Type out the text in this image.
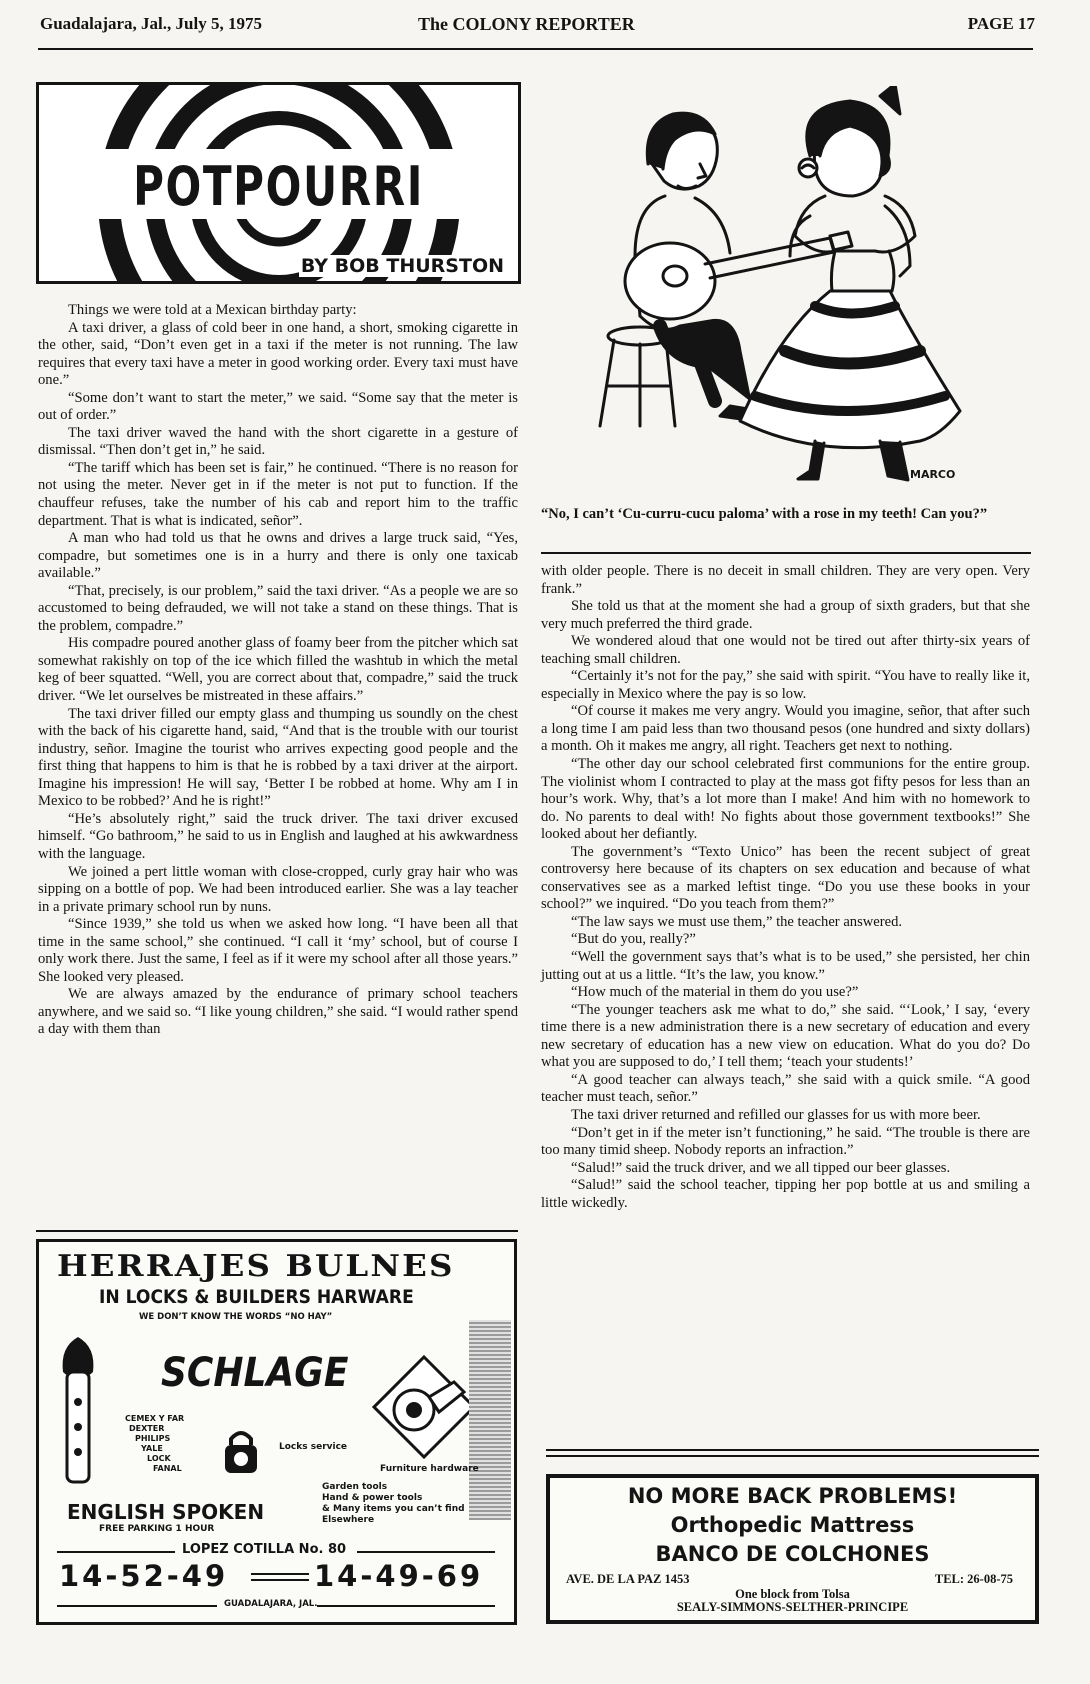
Guadalajara, Jal., July 5, 1975	The COLONY REPORTER	PAGE 17
POTPOURRI
BY BOB THURSTON

Things we were told at a Mexican birthday party:

A taxi driver, a glass of cold beer in one hand, a short, smoking cigarette in the other, said, “Don’t even get in a taxi if the meter is not running. The law requires that every taxi have a meter in good working order. Every taxi must have one.”

“Some don’t want to start the meter,” we said. “Some say that the meter is out of order.”

The taxi driver waved the hand with the short cigarette in a gesture of dismissal. “Then don’t get in,” he said.

“The tariff which has been set is fair,” he continued. “There is no reason for not using the meter. Never get in if the meter is not put to function. If the chauffeur refuses, take the number of his cab and report him to the traffic department. That is what is indicated, señor”.

A man who had told us that he owns and drives a large truck said, “Yes, compadre, but sometimes one is in a hurry and there is only one taxicab available.”

“That, precisely, is our problem,” said the taxi driver. “As a people we are so accustomed to being defrauded, we will not take a stand on these things. That is the problem, compadre.”

His compadre poured another glass of foamy beer from the pitcher which sat somewhat rakishly on top of the ice which filled the washtub in which the metal keg of beer squatted. “Well, you are correct about that, compadre,” said the truck driver. “We let ourselves be mistreated in these affairs.”

The taxi driver filled our empty glass and thumping us soundly on the chest with the back of his cigarette hand, said, “And that is the trouble with our tourist industry, señor. Imagine the tourist who arrives expecting good people and the first thing that happens to him is that he is robbed by a taxi driver at the airport. Imagine his impression! He will say, ‘Better I be robbed at home. Why am I in Mexico to be robbed?’ And he is right!”

“He’s absolutely right,” said the truck driver. The taxi driver excused himself. “Go bathroom,” he said to us in English and laughed at his awkwardness with the language.

We joined a pert little woman with close-cropped, curly gray hair who was sipping on a bottle of pop. We had been introduced earlier. She was a lay teacher in a private primary school run by nuns.

“Since 1939,” she told us when we asked how long. “I have been all that time in the same school,” she continued. “I call it ‘my’ school, but of course I only work there. Just the same, I feel as if it were my school after all those years.” She looked very pleased.

We are always amazed by the endurance of primary school teachers anywhere, and we said so. “I like young children,” she said. “I would rather spend a day with them than

MARCO
“No, I can’t ‘Cu-curru-cucu paloma’ with a rose in my teeth! Can you?”

with older people. There is no deceit in small children. They are very open. Very frank.”

She told us that at the moment she had a group of sixth graders, but that she very much preferred the third grade.

We wondered aloud that one would not be tired out after thirty-six years of teaching small children.

“Certainly it’s not for the pay,” she said with spirit. “You have to really like it, especially in Mexico where the pay is so low.

“Of course it makes me very angry. Would you imagine, señor, that after such a long time I am paid less than two thousand pesos (one hundred and sixty dollars) a month. Oh it makes me angry, all right. Teachers get next to nothing.

“The other day our school celebrated first communions for the entire group. The violinist whom I contracted to play at the mass got fifty pesos for less than an hour’s work. Why, that’s a lot more than I make! And him with no homework to do. No parents to deal with! No fights about those government textbooks!” She looked about her defiantly.

The government’s “Texto Unico” has been the recent subject of great controversy here because of its chapters on sex education and because of what conservatives see as a marked leftist tinge. “Do you use these books in your school?” we inquired. “Do you teach from them?”

“The law says we must use them,” the teacher answered.

“But do you, really?”

“Well the government says that’s what is to be used,” she persisted, her chin jutting out at us a little. “It’s the law, you know.”

“How much of the material in them do you use?”

“The younger teachers ask me what to do,” she said. “‘Look,’ I say, ‘every time there is a new administration there is a new secretary of education and every new secretary of education has a new view on education. What do you do? Do what you are supposed to do,’ I tell them; ‘teach your students!’

“A good teacher can always teach,” she said with a quick smile. “A good teacher must teach, señor.”

The taxi driver returned and refilled our glasses for us with more beer.

“Don’t get in if the meter isn’t functioning,” he said. “The trouble is there are too many timid sheep. Nobody reports an infraction.”

“Salud!” said the truck driver, and we all tipped our beer glasses.

“Salud!” said the school teacher, tipping her pop bottle at us and smiling a little wickedly.

HERRAJES BULNES
IN LOCKS & BUILDERS HARWARE
WE DON’T KNOW THE WORDS “NO HAY”
SCHLAGE
CEMEX Y FAR
DEXTER
PHILIPS
YALE
LOCK
FANAL
Locks service
Furniture hardware
Garden tools
Hand & power tools
& Many items you can’t find
Elsewhere
ENGLISH SPOKEN
FREE PARKING 1 HOUR
LOPEZ COTILLA No. 80
14-52-49	14-49-69
GUADALAJARA, JAL.
NO MORE BACK PROBLEMS!
Orthopedic Mattress
BANCO DE COLCHONES
AVE. DE LA PAZ 1453	TEL: 26-08-75
One block from Tolsa
SEALY-SIMMONS-SELTHER-PRINCIPE
